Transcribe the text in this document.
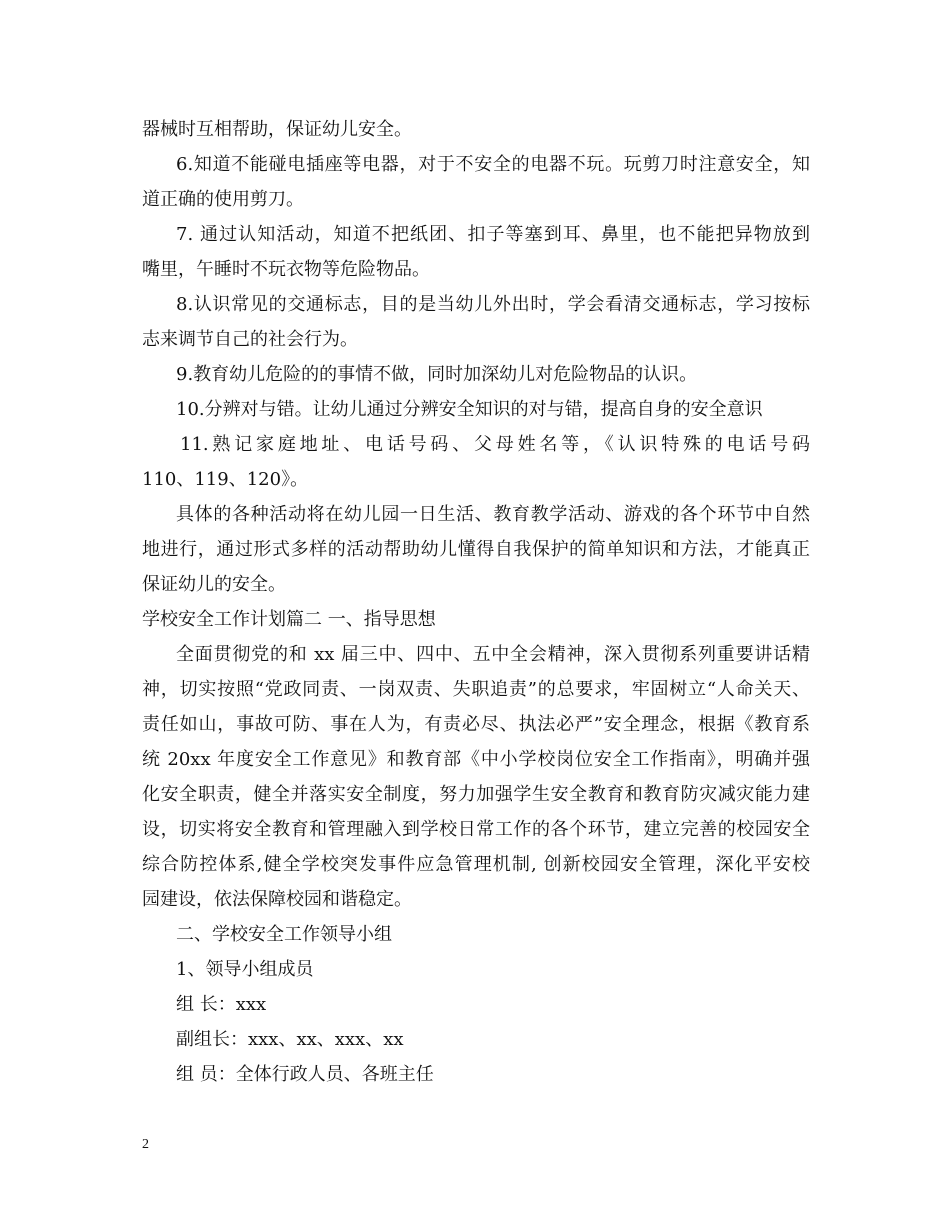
器械时互相帮助，保证幼儿安全。
6.知道不能碰电插座等电器，对于不安全的电器不玩。玩剪刀时注意安全，知
道正确的使用剪刀。
7. 通过认知活动，知道不把纸团、扣子等塞到耳、鼻里，也不能把异物放到
嘴里，午睡时不玩衣物等危险物品。
8.认识常见的交通标志，目的是当幼儿外出时，学会看清交通标志，学习按标
志来调节自己的社会行为。
9.教育幼儿危险的的事情不做，同时加深幼儿对危险物品的认识。
10.分辨对与错。让幼儿通过分辨安全知识的对与错，提高自身的安全意识
11.熟记家庭地址、电话号码、父母姓名等，《认识特殊的电话号码
110、119、120》。
具体的各种活动将在幼儿园一日生活、教育教学活动、游戏的各个环节中自然
地进行，通过形式多样的活动帮助幼儿懂得自我保护的简单知识和方法，才能真正
保证幼儿的安全。
学校安全工作计划篇二 一、指导思想
全面贯彻党的和 xx 届三中、四中、五中全会精神，深入贯彻系列重要讲话精
神，切实按照“党政同责、一岗双责、失职追责”的总要求，牢固树立“人命关天、
责任如山，事故可防、事在人为，有责必尽、执法必严”安全理念，根据《教育系
统 20xx 年度安全工作意见》和教育部《中小学校岗位安全工作指南》，明确并强
化安全职责，健全并落实安全制度，努力加强学生安全教育和教育防灾减灾能力建
设，切实将安全教育和管理融入到学校日常工作的各个环节，建立完善的校园安全
综合防控体系,健全学校突发事件应急管理机制, 创新校园安全管理，深化平安校
园建设，依法保障校园和谐稳定。
二、学校安全工作领导小组
1、领导小组成员
组 长：xxx
副组长：xxx、xx、xxx、xx
组 员：全体行政人员、各班主任
2
